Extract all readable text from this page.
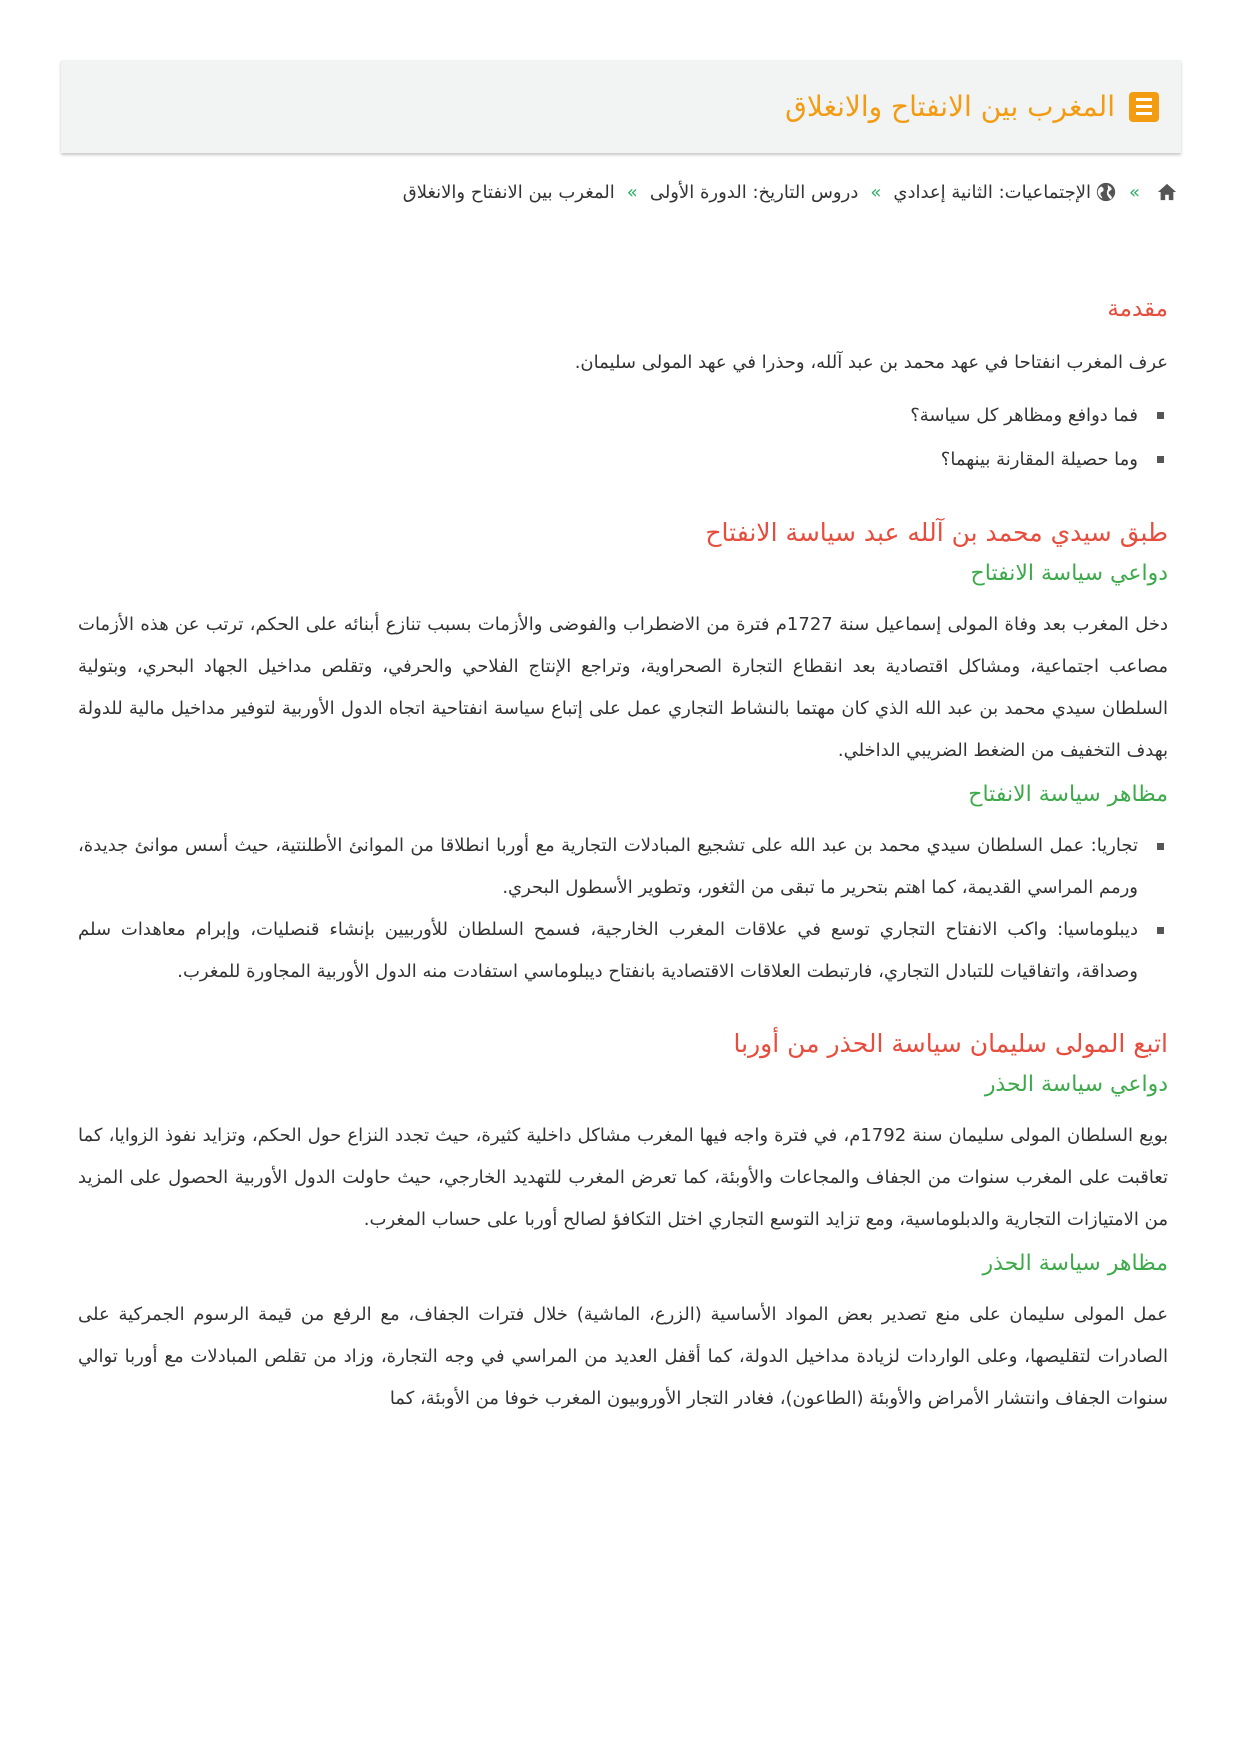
المغرب بين الانفتاح والانغلاق
»
الإجتماعيات: الثانية إعدادي
»
دروس التاريخ: الدورة الأولى
»
المغرب بين الانفتاح والانغلاق
مقدمة

عرف المغرب انفتاحا في عهد محمد بن عبد آلله، وحذرا في عهد المولى سليمان.

فما دوافع ومظاهر كل سياسة؟
وما حصيلة المقارنة بينهما؟
طبق سيدي محمد بن آلله عبد سياسة الانفتاح
دواعي سياسة الانفتاح

دخل المغرب بعد وفاة المولى إسماعيل سنة 1727م فترة من الاضطراب والفوضى والأزمات بسبب تنازع أبنائه على الحكم، ترتب عن هذه الأزمات مصاعب اجتماعية، ومشاكل اقتصادية بعد انقطاع التجارة الصحراوية، وتراجع الإنتاج الفلاحي والحرفي، وتقلص مداخيل الجهاد البحري، وبتولية السلطان سيدي محمد بن عبد الله الذي كان مهتما بالنشاط التجاري عمل على إتباع سياسة انفتاحية اتجاه الدول الأوربية لتوفير مداخيل مالية للدولة بهدف التخفيف من الضغط الضريبي الداخلي.

مظاهر سياسة الانفتاح
تجاريا: عمل السلطان سيدي محمد بن عبد الله على تشجيع المبادلات التجارية مع أوربا انطلاقا من الموانئ الأطلنتية، حيث أسس موانئ جديدة، ورمم المراسي القديمة، كما اهتم بتحرير ما تبقى من الثغور، وتطوير الأسطول البحري.
ديبلوماسيا: واكب الانفتاح التجاري توسع في علاقات المغرب الخارجية، فسمح السلطان للأوربيين بإنشاء قنصليات، وإبرام معاهدات سلم وصداقة، واتفاقيات للتبادل التجاري، فارتبطت العلاقات الاقتصادية بانفتاح ديبلوماسي استفادت منه الدول الأوربية المجاورة للمغرب.
اتبع المولى سليمان سياسة الحذر من أوربا
دواعي سياسة الحذر

بويع السلطان المولى سليمان سنة 1792م، في فترة واجه فيها المغرب مشاكل داخلية كثيرة، حيث تجدد النزاع حول الحكم، وتزايد نفوذ الزوايا، كما تعاقبت على المغرب سنوات من الجفاف والمجاعات والأوبئة، كما تعرض المغرب للتهديد الخارجي، حيث حاولت الدول الأوربية الحصول على المزيد من الامتيازات التجارية والدبلوماسية، ومع تزايد التوسع التجاري اختل التكافؤ لصالح أوربا على حساب المغرب.

مظاهر سياسة الحذر

عمل المولى سليمان على منع تصدير بعض المواد الأساسية (الزرع، الماشية) خلال فترات الجفاف، مع الرفع من قيمة الرسوم الجمركية على الصادرات لتقليصها، وعلى الواردات لزيادة مداخيل الدولة، كما أقفل العديد من المراسي في وجه التجارة، وزاد من تقلص المبادلات مع أوربا توالي سنوات الجفاف وانتشار الأمراض والأوبئة (الطاعون)، فغادر التجار الأوروبيون المغرب خوفا من الأوبئة، كما
